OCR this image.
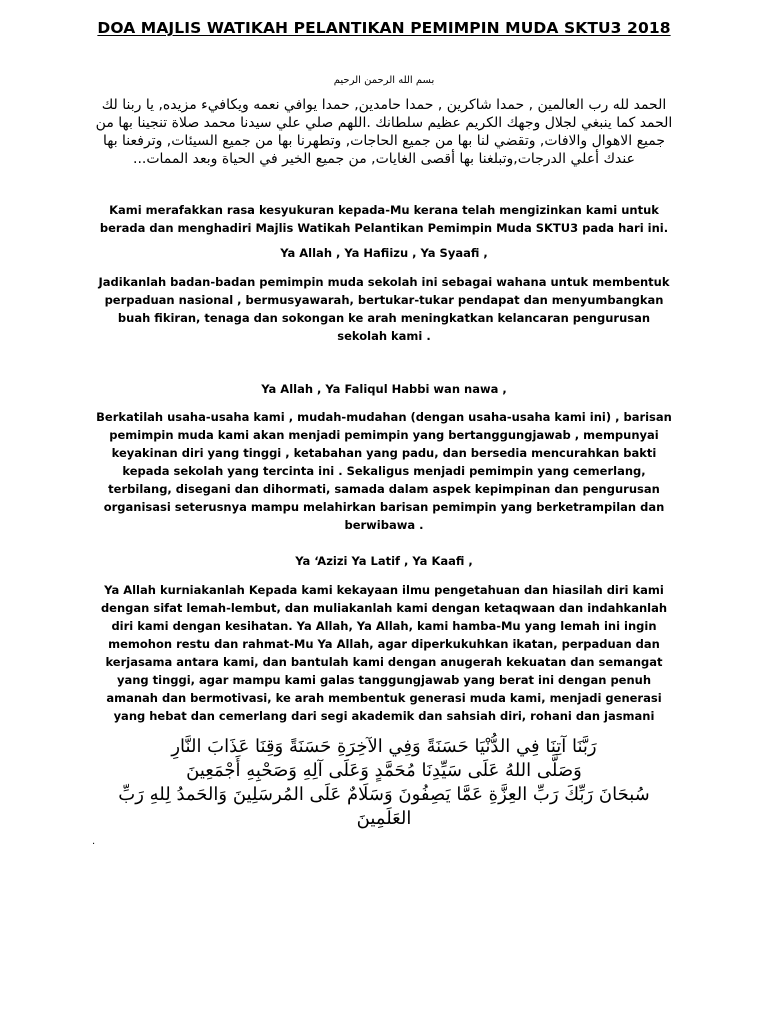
DOA MAJLIS WATIKAH PELANTIKAN PEMIMPIN MUDA SKTU3 2018
بسم الله الرحمن الرحيم
الحمد لله رب العالمين , حمدا شاكرين , حمدا حامدين, حمدا يوافي نعمه ويكافيء مزيده, يا ربنا لك الحمد كما ينبغي لجلال وجهك الكريم عظيم سلطانك .اللهم صلي علي سيدنا محمد صلاة تنجينا بها من جميع الاهوال والافات, وتقضي لنا بها من جميع الحاجات, وتطهرنا بها من جميع السيئات, وترفعنا بها عندك أعلي الدرجات,وتبلغنا بها أقصى الغايات, من جميع الخير في الحياة وبعد الممات...
Kami merafakkan rasa kesyukuran kepada-Mu kerana telah mengizinkan kami untuk berada dan menghadiri Majlis Watikah Pelantikan Pemimpin Muda SKTU3 pada hari ini.
Ya Allah , Ya Hafiizu , Ya Syaafi ,
Jadikanlah badan-badan pemimpin muda sekolah ini sebagai wahana untuk membentuk perpaduan nasional , bermusyawarah, bertukar-tukar pendapat dan menyumbangkan buah fikiran, tenaga dan sokongan ke arah meningkatkan kelancaran pengurusan sekolah kami .
Ya Allah , Ya Faliqul Habbi wan nawa ,
Berkatilah usaha-usaha kami , mudah-mudahan (dengan usaha-usaha kami ini) , barisan pemimpin muda kami akan menjadi pemimpin yang bertanggungjawab , mempunyai keyakinan diri yang tinggi , ketabahan yang padu, dan bersedia mencurahkan bakti kepada sekolah yang tercinta ini . Sekaligus menjadi pemimpin yang cemerlang, terbilang, disegani dan dihormati, samada dalam aspek kepimpinan dan pengurusan organisasi seterusnya mampu melahirkan barisan pemimpin yang berketrampilan dan berwibawa .
Ya ‘Azizi Ya Latif , Ya Kaafi ,
Ya Allah kurniakanlah Kepada kami kekayaan ilmu pengetahuan dan hiasilah diri kami dengan sifat lemah-lembut, dan muliakanlah kami dengan ketaqwaan dan indahkanlah diri kami dengan kesihatan. Ya Allah, Ya Allah, kami hamba-Mu yang lemah ini ingin memohon restu dan rahmat-Mu Ya Allah, agar diperkukuhkan ikatan, perpaduan dan kerjasama antara kami, dan bantulah kami dengan anugerah kekuatan dan semangat yang tinggi, agar mampu kami galas tanggungjawab yang berat ini dengan penuh amanah dan bermotivasi, ke arah membentuk generasi muda kami, menjadi generasi yang hebat dan cemerlang dari segi akademik dan sahsiah diri, rohani dan jasmani
رَبَّنَا آتِنَا فِي الدُّنْيَا حَسَنَةً وَفِي الآخِرَةِ حَسَنَةً وَقِنَا عَذَابَ النَّارِ
وَصَلَّى اللهُ عَلَى سَيِّدِنَا مُحَمَّدٍ وَعَلَى آلِهِ وَصَحْبِهِ أَجْمَعِينَ
سُبحَانَ رَبِّكَ رَبِّ العِزَّةِ عَمَّا يَصِفُونَ وَسَلَامٌ عَلَى المُرسَلِينَ وَالحَمدُ لِلهِ رَبِّ
العَلَمِينَ
.
